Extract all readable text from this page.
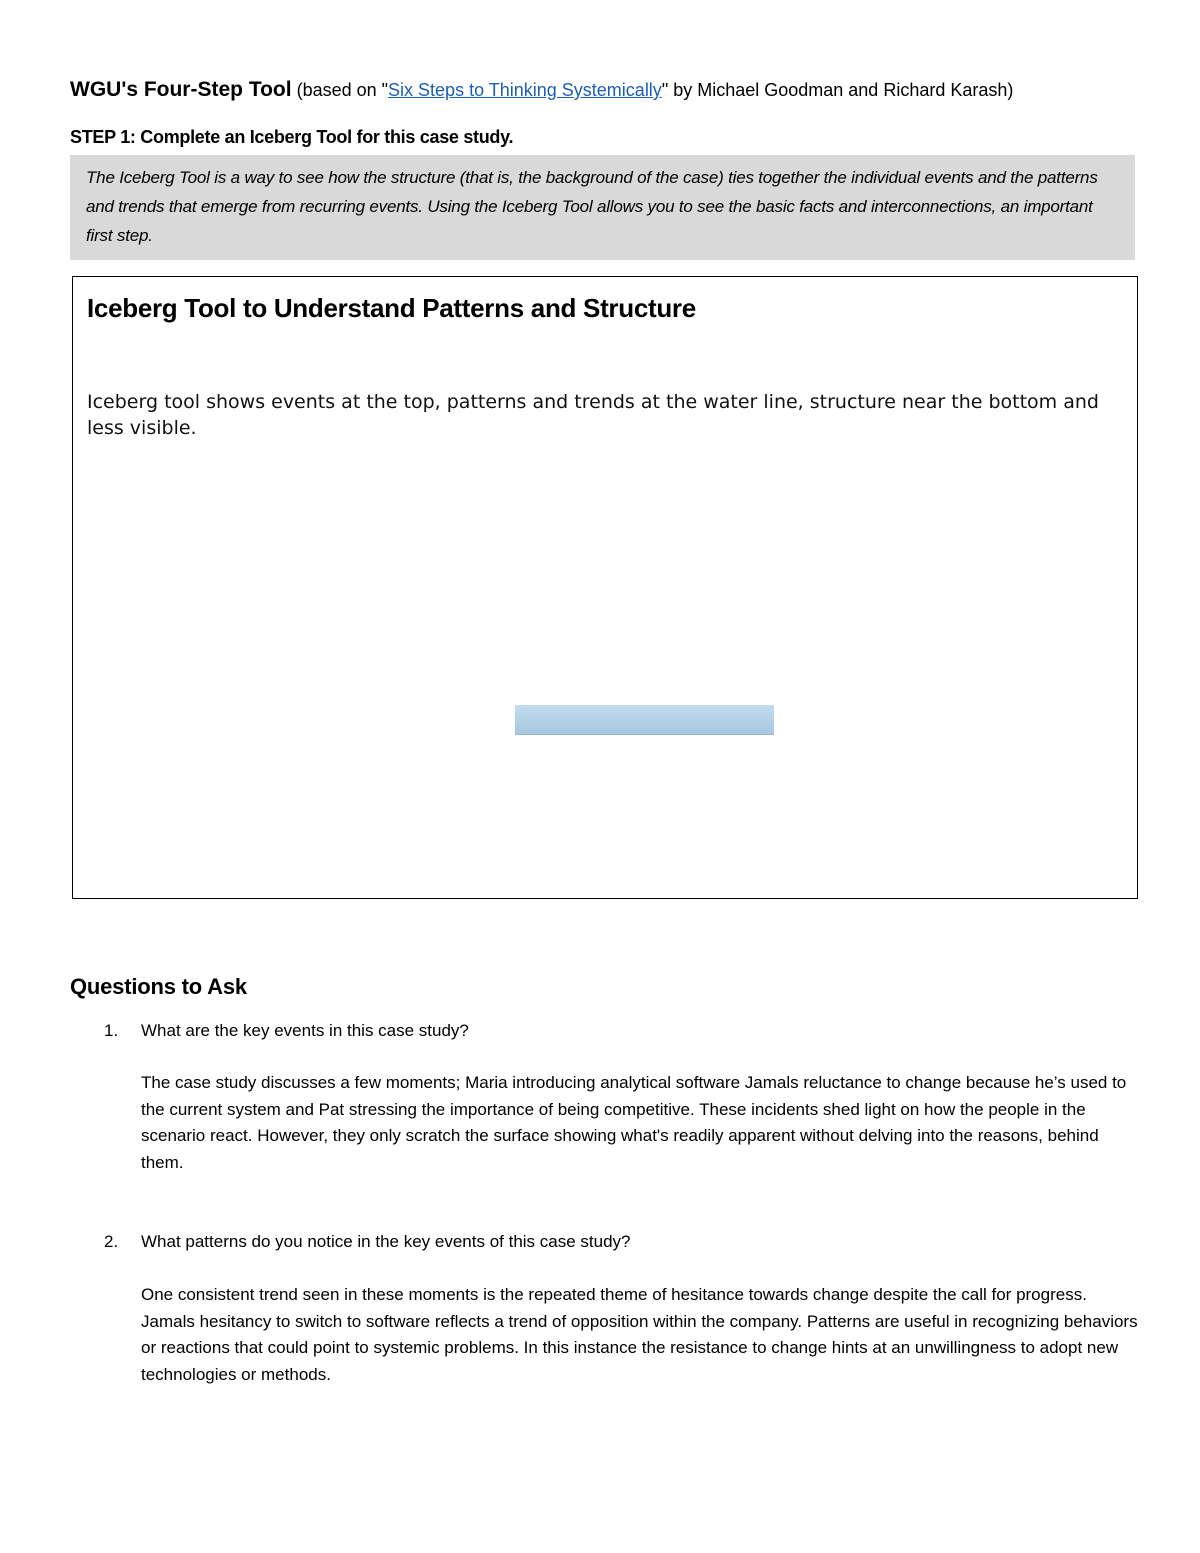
WGU's Four-Step Tool (based on "Six Steps to Thinking Systemically" by Michael Goodman and Richard Karash)
STEP 1: Complete an Iceberg Tool for this case study.
The Iceberg Tool is a way to see how the structure (that is, the background of the case) ties together the individual events and the patterns and trends that emerge from recurring events. Using the Iceberg Tool allows you to see the basic facts and interconnections, an important first step.
Iceberg Tool to Understand Patterns and Structure
Iceberg tool shows events at the top, patterns and trends at the water line, structure near the bottom and less visible.
Questions to Ask
1. What are the key events in this case study?
The case study discusses a few moments; Maria introducing analytical software Jamals reluctance to change because he’s used to the current system and Pat stressing the importance of being competitive. These incidents shed light on how the people in the scenario react. However, they only scratch the surface showing what's readily apparent without delving into the reasons, behind them.
2. What patterns do you notice in the key events of this case study?
One consistent trend seen in these moments is the repeated theme of hesitance towards change despite the call for progress. Jamals hesitancy to switch to software reflects a trend of opposition within the company. Patterns are useful in recognizing behaviors or reactions that could point to systemic problems. In this instance the resistance to change hints at an unwillingness to adopt new technologies or methods.
